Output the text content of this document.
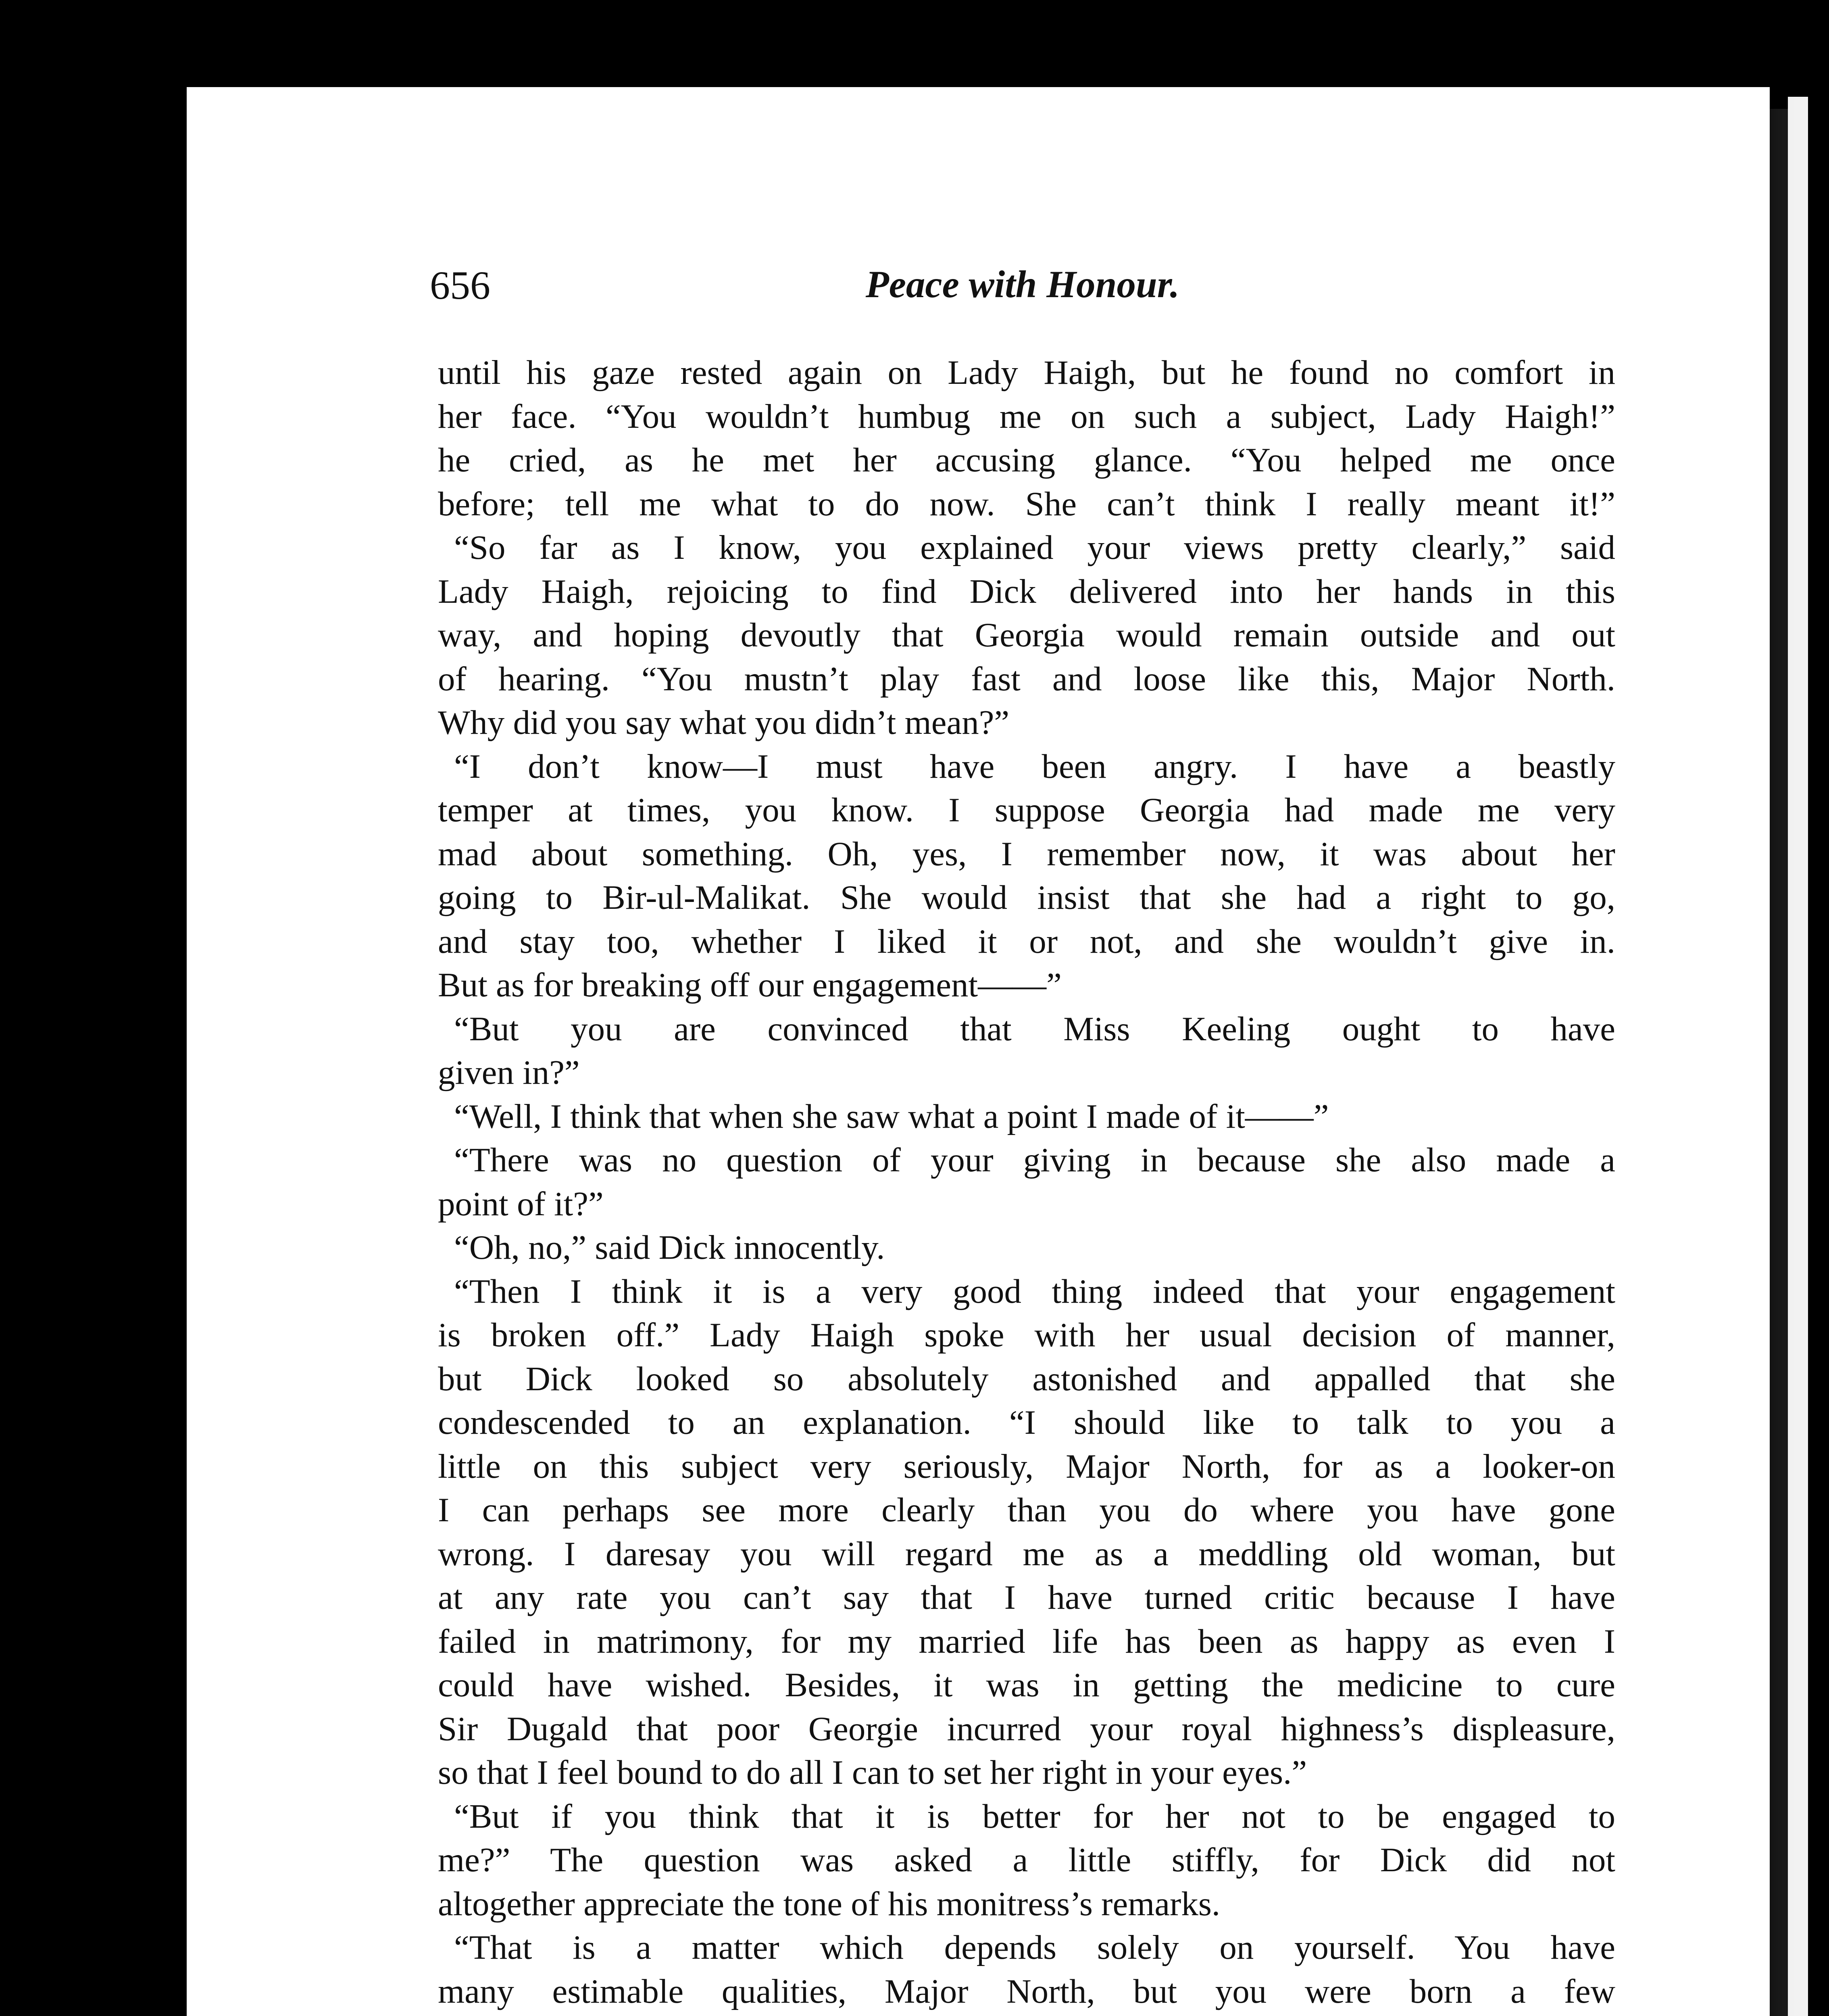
656	Peace with Honour.
until his gaze rested again on Lady Haigh, but he found no comfort in
her face. “You wouldn’t humbug me on such a subject, Lady Haigh!”
he cried, as he met her accusing glance. “You helped me once
before; tell me what to do now. She can’t think I really meant it!”
“So far as I know, you explained your views pretty clearly,” said
Lady Haigh, rejoicing to find Dick delivered into her hands in this
way, and hoping devoutly that Georgia would remain outside and out
of hearing. “You mustn’t play fast and loose like this, Major North.
Why did you say what you didn’t mean?”
“I don’t know—I must have been angry. I have a beastly
temper at times, you know. I suppose Georgia had made me very
mad about something. Oh, yes, I remember now, it was about her
going to Bir-ul-Malikat. She would insist that she had a right to go,
and stay too, whether I liked it or not, and she wouldn’t give in.
But as for breaking off our engagement——”
“But you are convinced that Miss Keeling ought to have
given in?”
“Well, I think that when she saw what a point I made of it——”
“There was no question of your giving in because she also made a
point of it?”
“Oh, no,” said Dick innocently.
“Then I think it is a very good thing indeed that your engagement
is broken off.” Lady Haigh spoke with her usual decision of manner,
but Dick looked so absolutely astonished and appalled that she
condescended to an explanation. “I should like to talk to you a
little on this subject very seriously, Major North, for as a looker-on
I can perhaps see more clearly than you do where you have gone
wrong. I daresay you will regard me as a meddling old woman, but
at any rate you can’t say that I have turned critic because I have
failed in matrimony, for my married life has been as happy as even I
could have wished. Besides, it was in getting the medicine to cure
Sir Dugald that poor Georgie incurred your royal highness’s displeasure,
so that I feel bound to do all I can to set her right in your eyes.”
“But if you think that it is better for her not to be engaged to
me?” The question was asked a little stiffly, for Dick did not
altogether appreciate the tone of his monitress’s remarks.
“That is a matter which depends solely on yourself. You have
many estimable qualities, Major North, but you were born a few
